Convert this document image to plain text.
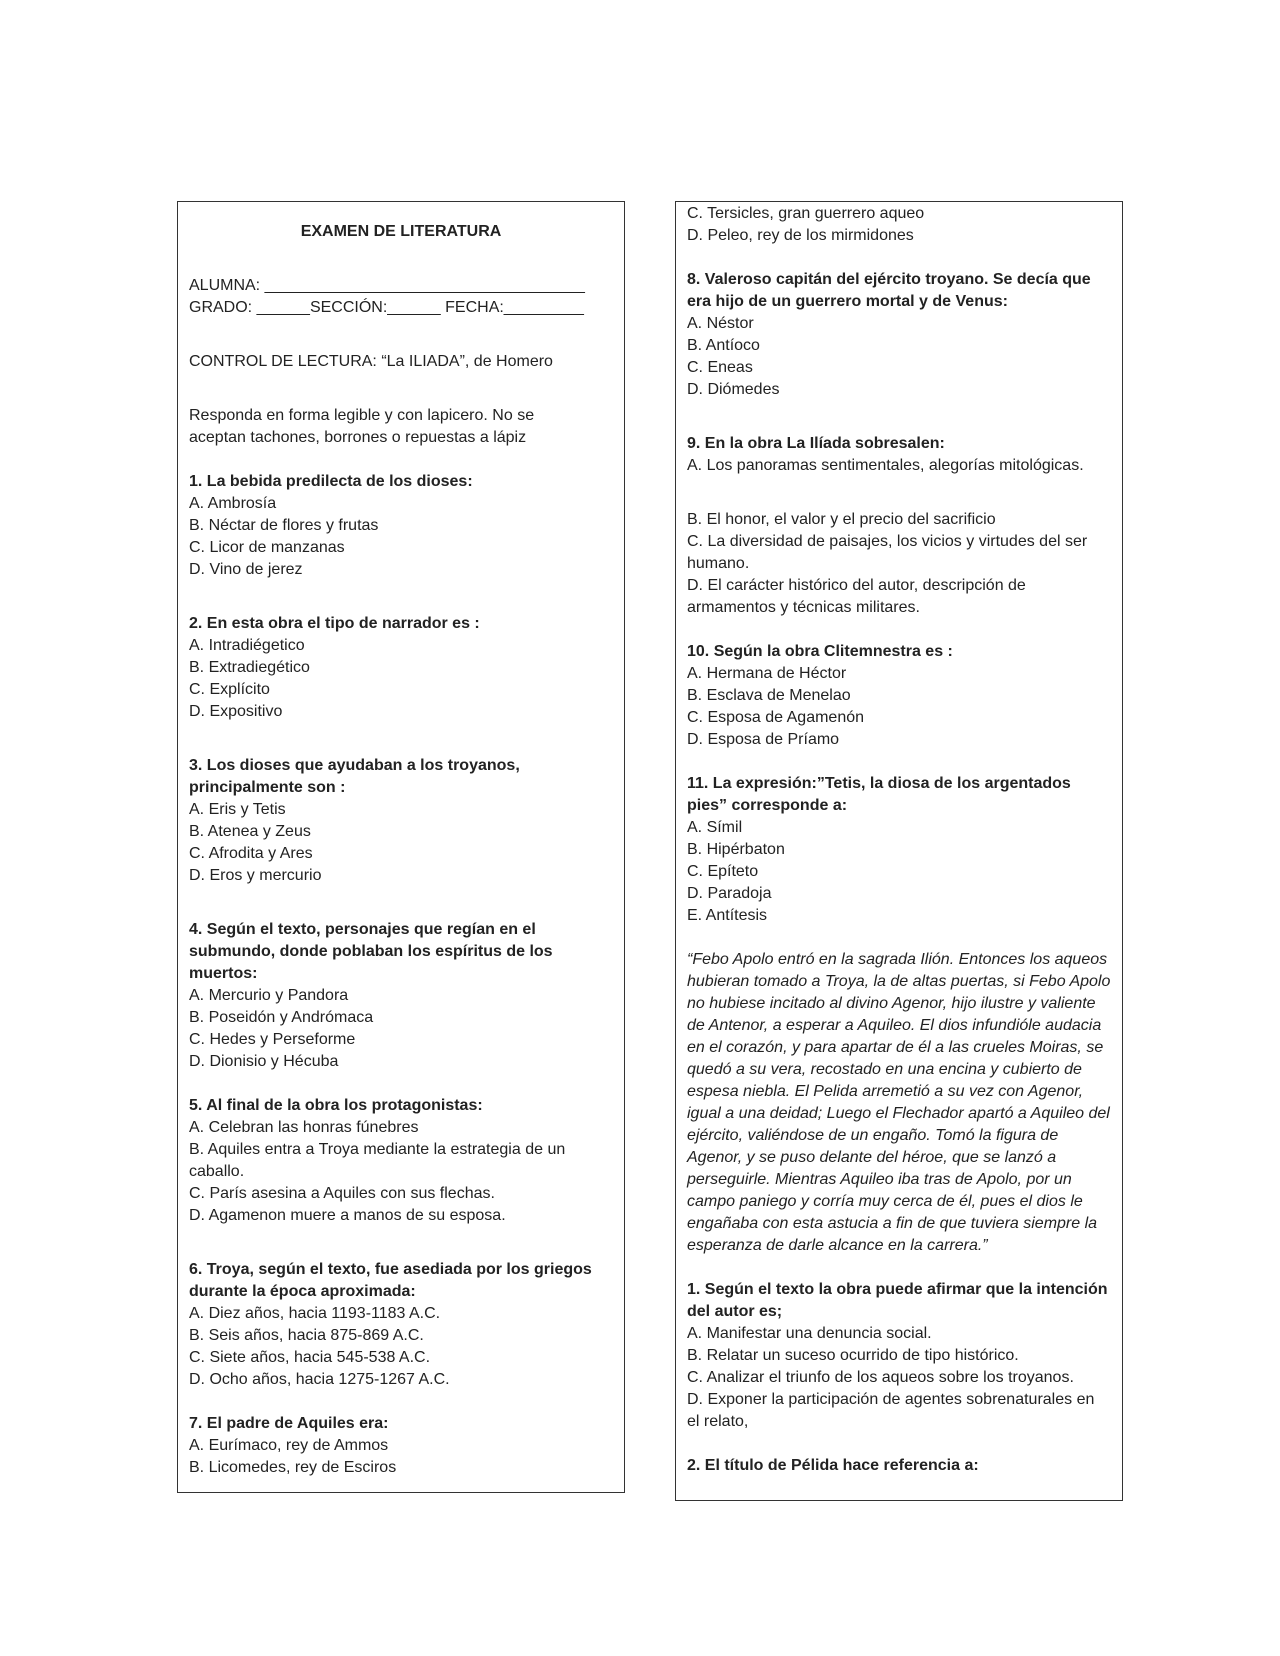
EXAMEN DE LITERATURA
ALUMNA: ____________________________________
GRADO: ______SECCIÓN:______ FECHA:_________
CONTROL DE LECTURA: “La ILIADA”, de Homero
Responda en forma legible y con lapicero. No se aceptan tachones, borrones o repuestas a lápiz
1. La bebida predilecta de los dioses:
A. Ambrosía
B. Néctar de flores y frutas
C. Licor de manzanas
D. Vino de jerez
2. En esta obra el tipo de narrador es :
A. Intradiégetico
B. Extradiegético
C. Explícito
D. Expositivo
3. Los dioses que ayudaban a los troyanos, principalmente son :
A. Eris y Tetis
B. Atenea y Zeus
C. Afrodita y Ares
D. Eros y mercurio
4. Según el texto, personajes que regían en el submundo, donde poblaban los espíritus de los muertos:
A. Mercurio y Pandora
B. Poseidón y Andrómaca
C. Hedes y Perseforme
D. Dionisio y Hécuba
5. Al final de la obra los protagonistas:
A. Celebran las honras fúnebres
B. Aquiles entra a Troya mediante la estrategia de un caballo.
C. París asesina a Aquiles con sus flechas.
D. Agamenon muere a manos de su esposa.
6. Troya, según el texto, fue asediada por los griegos durante la época aproximada:
A. Diez años, hacia 1193-1183 A.C.
B. Seis años, hacia 875-869 A.C.
C. Siete años, hacia 545-538 A.C.
D. Ocho años, hacia 1275-1267 A.C.
7. El padre de Aquiles era:
A. Eurímaco, rey de Ammos
B. Licomedes, rey de Esciros
C. Tersicles, gran guerrero aqueo
D. Peleo, rey de los mirmidones
8. Valeroso capitán del ejército troyano. Se decía que era hijo de un guerrero mortal y de Venus:
A. Néstor
B. Antíoco
C. Eneas
D. Diómedes
9. En la obra La Ilíada sobresalen:
A. Los panoramas sentimentales, alegorías mitológicas.
B. El honor, el valor y el precio del sacrificio
C. La diversidad de paisajes, los vicios y virtudes del ser humano.
D. El carácter histórico del autor, descripción de armamentos y técnicas militares.
10. Según la obra Clitemnestra es :
A. Hermana de Héctor
B. Esclava de Menelao
C. Esposa de Agamenón
D. Esposa de Príamo
11. La expresión:”Tetis, la diosa de los argentados pies” corresponde a:
A. Símil
B. Hipérbaton
C. Epíteto
D. Paradoja
E. Antítesis
“Febo Apolo entró en la sagrada Ilión. Entonces los aqueos hubieran tomado a Troya, la de altas puertas, si Febo Apolo no hubiese incitado al divino Agenor, hijo ilustre y valiente de Antenor, a esperar a Aquileo. El dios infundióle audacia en el corazón, y para apartar de él a las crueles Moiras, se quedó a su vera, recostado en una encina y cubierto de espesa niebla. El Pelida arremetió a su vez con Agenor, igual a una deidad; Luego el Flechador apartó a Aquileo del ejército, valiéndose de un engaño. Tomó la figura de Agenor, y se puso delante del héroe, que se lanzó a perseguirle. Mientras Aquileo iba tras de Apolo, por un campo paniego y corría muy cerca de él, pues el dios le engañaba con esta astucia a fin de que tuviera siempre la esperanza de darle alcance en la carrera.”
1. Según el texto la obra puede afirmar que la intención del autor es;
A. Manifestar una denuncia social.
B. Relatar un suceso ocurrido de tipo histórico.
C. Analizar el triunfo de los aqueos sobre los troyanos.
D. Exponer la participación de agentes sobrenaturales en el relato,
2. El título de Pélida hace referencia a:
